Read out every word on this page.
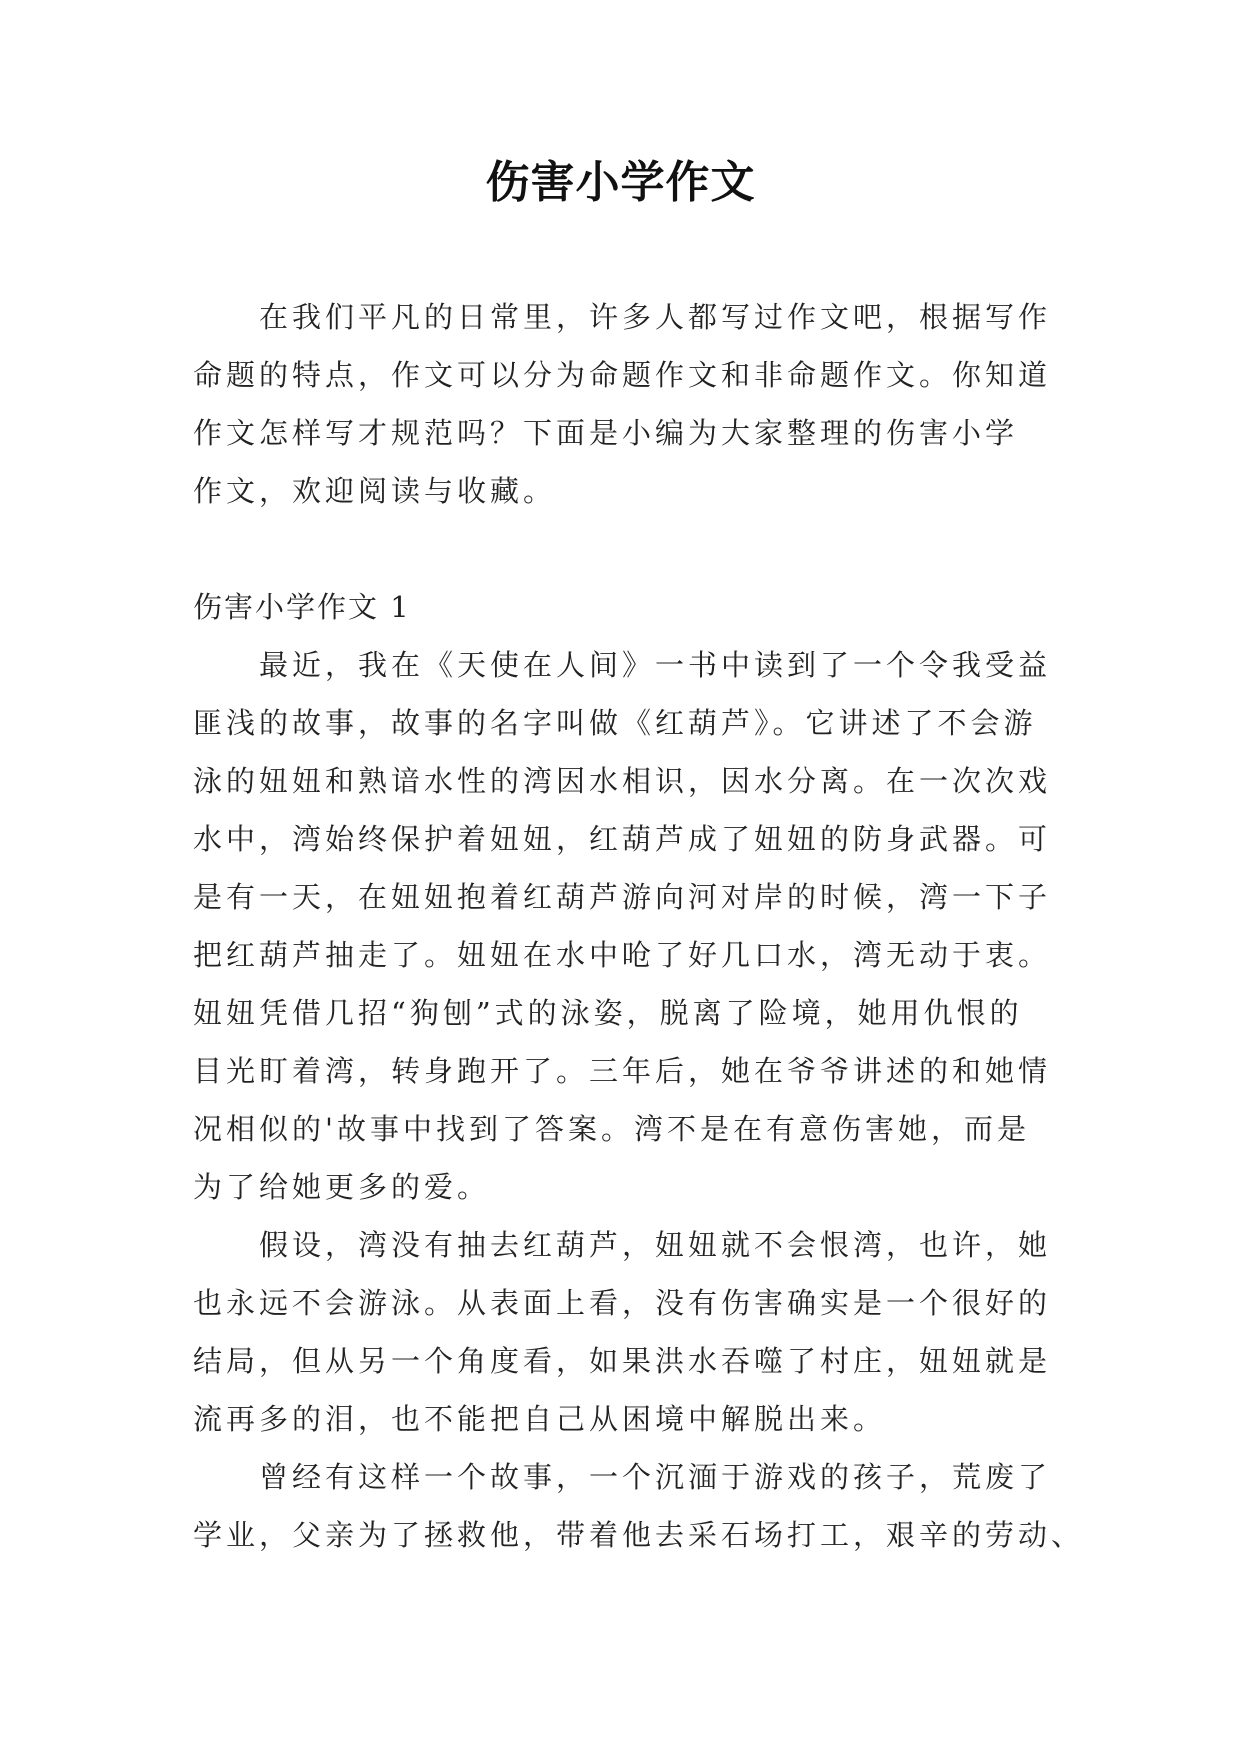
伤害小学作文
在我们平凡的日常里，许多人都写过作文吧，根据写作
命题的特点，作文可以分为命题作文和非命题作文。你知道
作文怎样写才规范吗？下面是小编为大家整理的伤害小学
作文，欢迎阅读与收藏。
伤害小学作文 1
最近，我在《天使在人间》一书中读到了一个令我受益
匪浅的故事，故事的名字叫做《红葫芦》。它讲述了不会游
泳的妞妞和熟谙水性的湾因水相识，因水分离。在一次次戏
水中，湾始终保护着妞妞，红葫芦成了妞妞的防身武器。可
是有一天，在妞妞抱着红葫芦游向河对岸的时候，湾一下子
把红葫芦抽走了。妞妞在水中呛了好几口水，湾无动于衷。
妞妞凭借几招“狗刨”式的泳姿，脱离了险境，她用仇恨的
目光盯着湾，转身跑开了。三年后，她在爷爷讲述的和她情
况相似的'故事中找到了答案。湾不是在有意伤害她，而是
为了给她更多的爱。
假设，湾没有抽去红葫芦，妞妞就不会恨湾，也许，她
也永远不会游泳。从表面上看，没有伤害确实是一个很好的
结局，但从另一个角度看，如果洪水吞噬了村庄，妞妞就是
流再多的泪，也不能把自己从困境中解脱出来。
曾经有这样一个故事，一个沉湎于游戏的孩子，荒废了
学业，父亲为了拯救他，带着他去采石场打工，艰辛的劳动、
